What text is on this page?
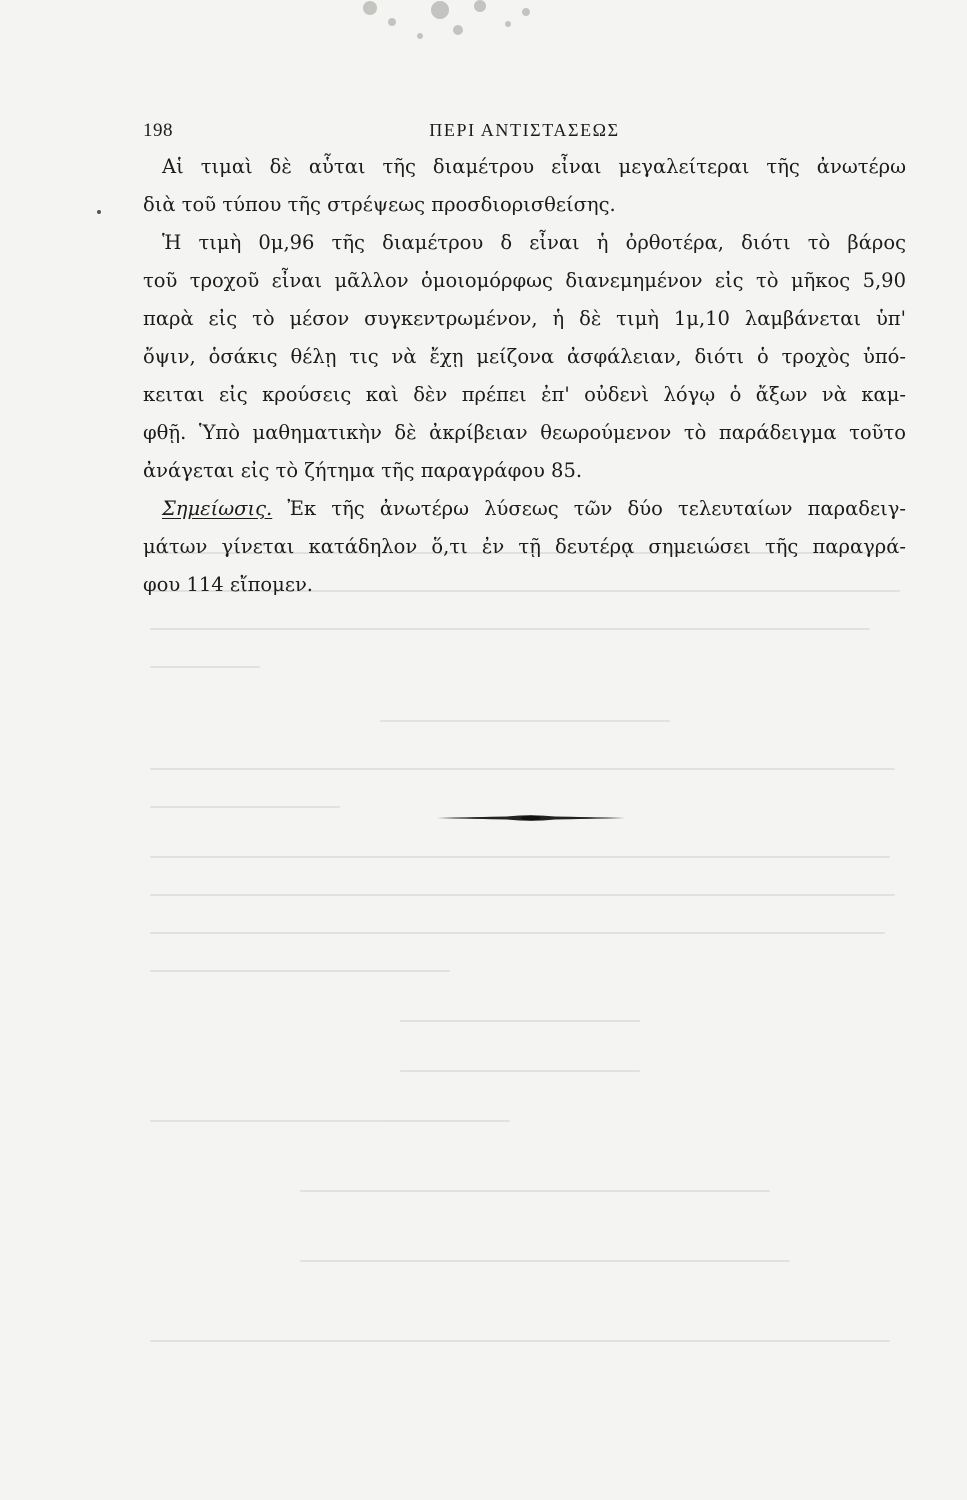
198	ΠΕΡΙ ΑΝΤΙΣΤΑΣΕΩΣ
Αἱ τιμαὶ δὲ αὗται τῆς διαμέτρου εἶναι μεγαλείτεραι τῆς ἀνωτέρω
διὰ τοῦ τύπου τῆς στρέψεως προσδιορισθείσης.
Ἡ τιμὴ 0μ,96 τῆς διαμέτρου δ εἶναι ἡ ὀρθοτέρα, διότι τὸ βάρος
τοῦ τροχοῦ εἶναι μᾶλλον ὁμοιομόρφως διανεμημένον εἰς τὸ μῆκος 5,90
παρὰ εἰς τὸ μέσον συγκεντρωμένον, ἡ δὲ τιμὴ 1μ,10 λαμβάνεται ὑπ'
ὄψιν, ὁσάκις θέλῃ τις νὰ ἔχῃ μείζονα ἀσφάλειαν, διότι ὁ τροχὸς ὑπό-
κειται εἰς κρούσεις καὶ δὲν πρέπει ἐπ' οὐδενὶ λόγῳ ὁ ἄξων νὰ καμ-
φθῇ. Ὑπὸ μαθηματικὴν δὲ ἀκρίβειαν θεωρούμενον τὸ παράδειγμα τοῦτο
ἀνάγεται εἰς τὸ ζήτημα τῆς παραγράφου 85.
Σημείωσις. Ἐκ τῆς ἀνωτέρω λύσεως τῶν δύο τελευταίων παραδειγ-
μάτων γίνεται κατάδηλον ὅ,τι ἐν τῇ δευτέρᾳ σημειώσει τῆς παραγρά-
φου 114 εἴπομεν.
